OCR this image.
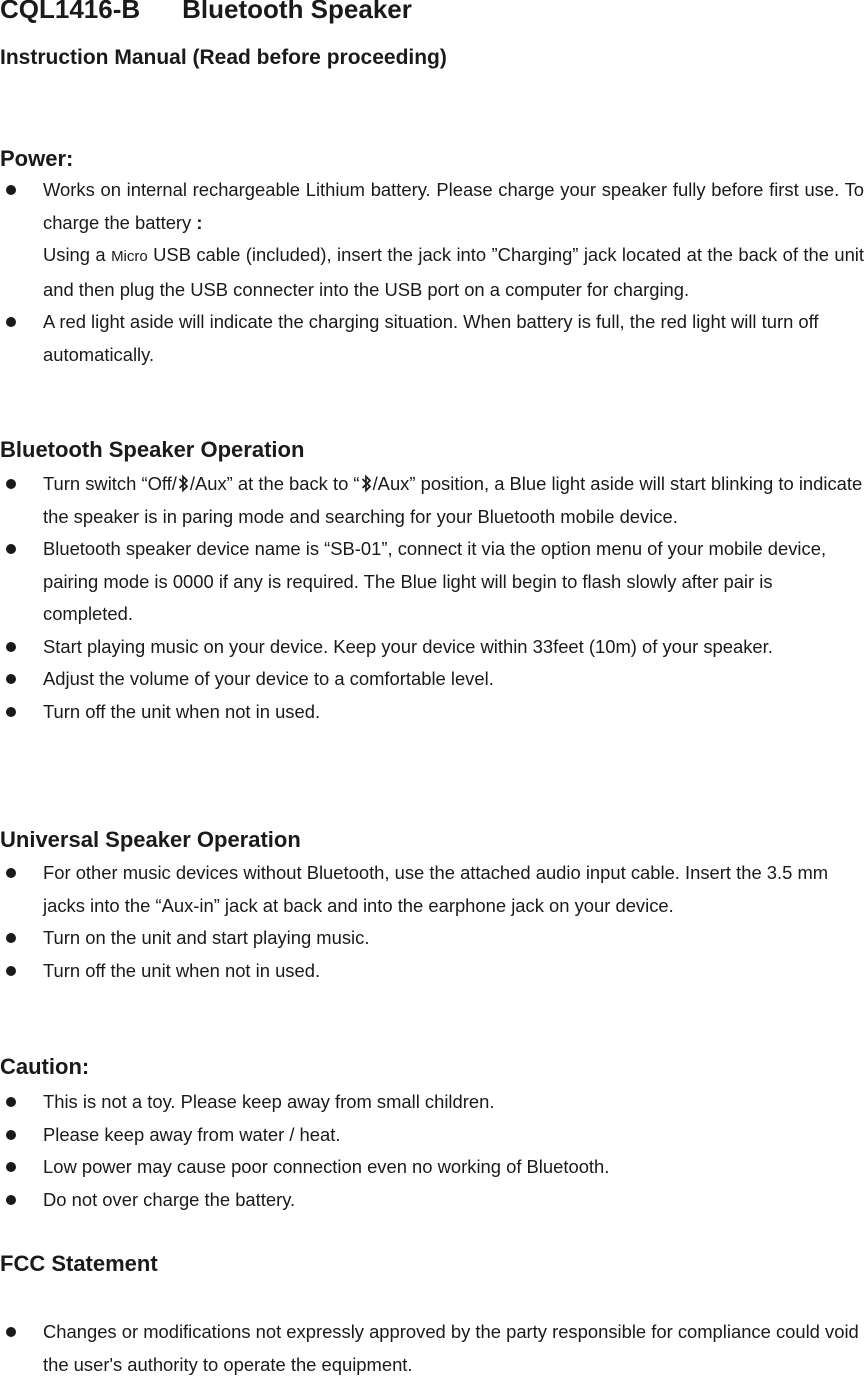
CQL1416-B Bluetooth Speaker
Instruction Manual (Read before proceeding)
Power:
Works on internal rechargeable Lithium battery. Please charge your speaker fully before first use. To charge the battery :
Using a Micro USB cable (included), insert the jack into ”Charging” jack located at the back of the unit and then plug the USB connecter into the USB port on a computer for charging.
A red light aside will indicate the charging situation. When battery is full, the red light will turn off automatically.
Bluetooth Speaker Operation
Turn switch “Off/ /Aux” at the back to “ /Aux” position, a Blue light aside will start blinking to indicate the speaker is in paring mode and searching for your Bluetooth mobile device.
Bluetooth speaker device name is “SB-01”, connect it via the option menu of your mobile device, pairing mode is 0000 if any is required. The Blue light will begin to flash slowly after pair is completed.
Start playing music on your device. Keep your device within 33feet (10m) of your speaker.
Adjust the volume of your device to a comfortable level.
Turn off the unit when not in used.
Universal Speaker Operation
For other music devices without Bluetooth, use the attached audio input cable. Insert the 3.5 mm jacks into the “Aux-in” jack at back and into the earphone jack on your device.
Turn on the unit and start playing music.
Turn off the unit when not in used.
Caution:
This is not a toy. Please keep away from small children.
Please keep away from water / heat.
Low power may cause poor connection even no working of Bluetooth.
Do not over charge the battery.
FCC Statement
Changes or modifications not expressly approved by the party responsible for compliance could void the user's authority to operate the equipment.
